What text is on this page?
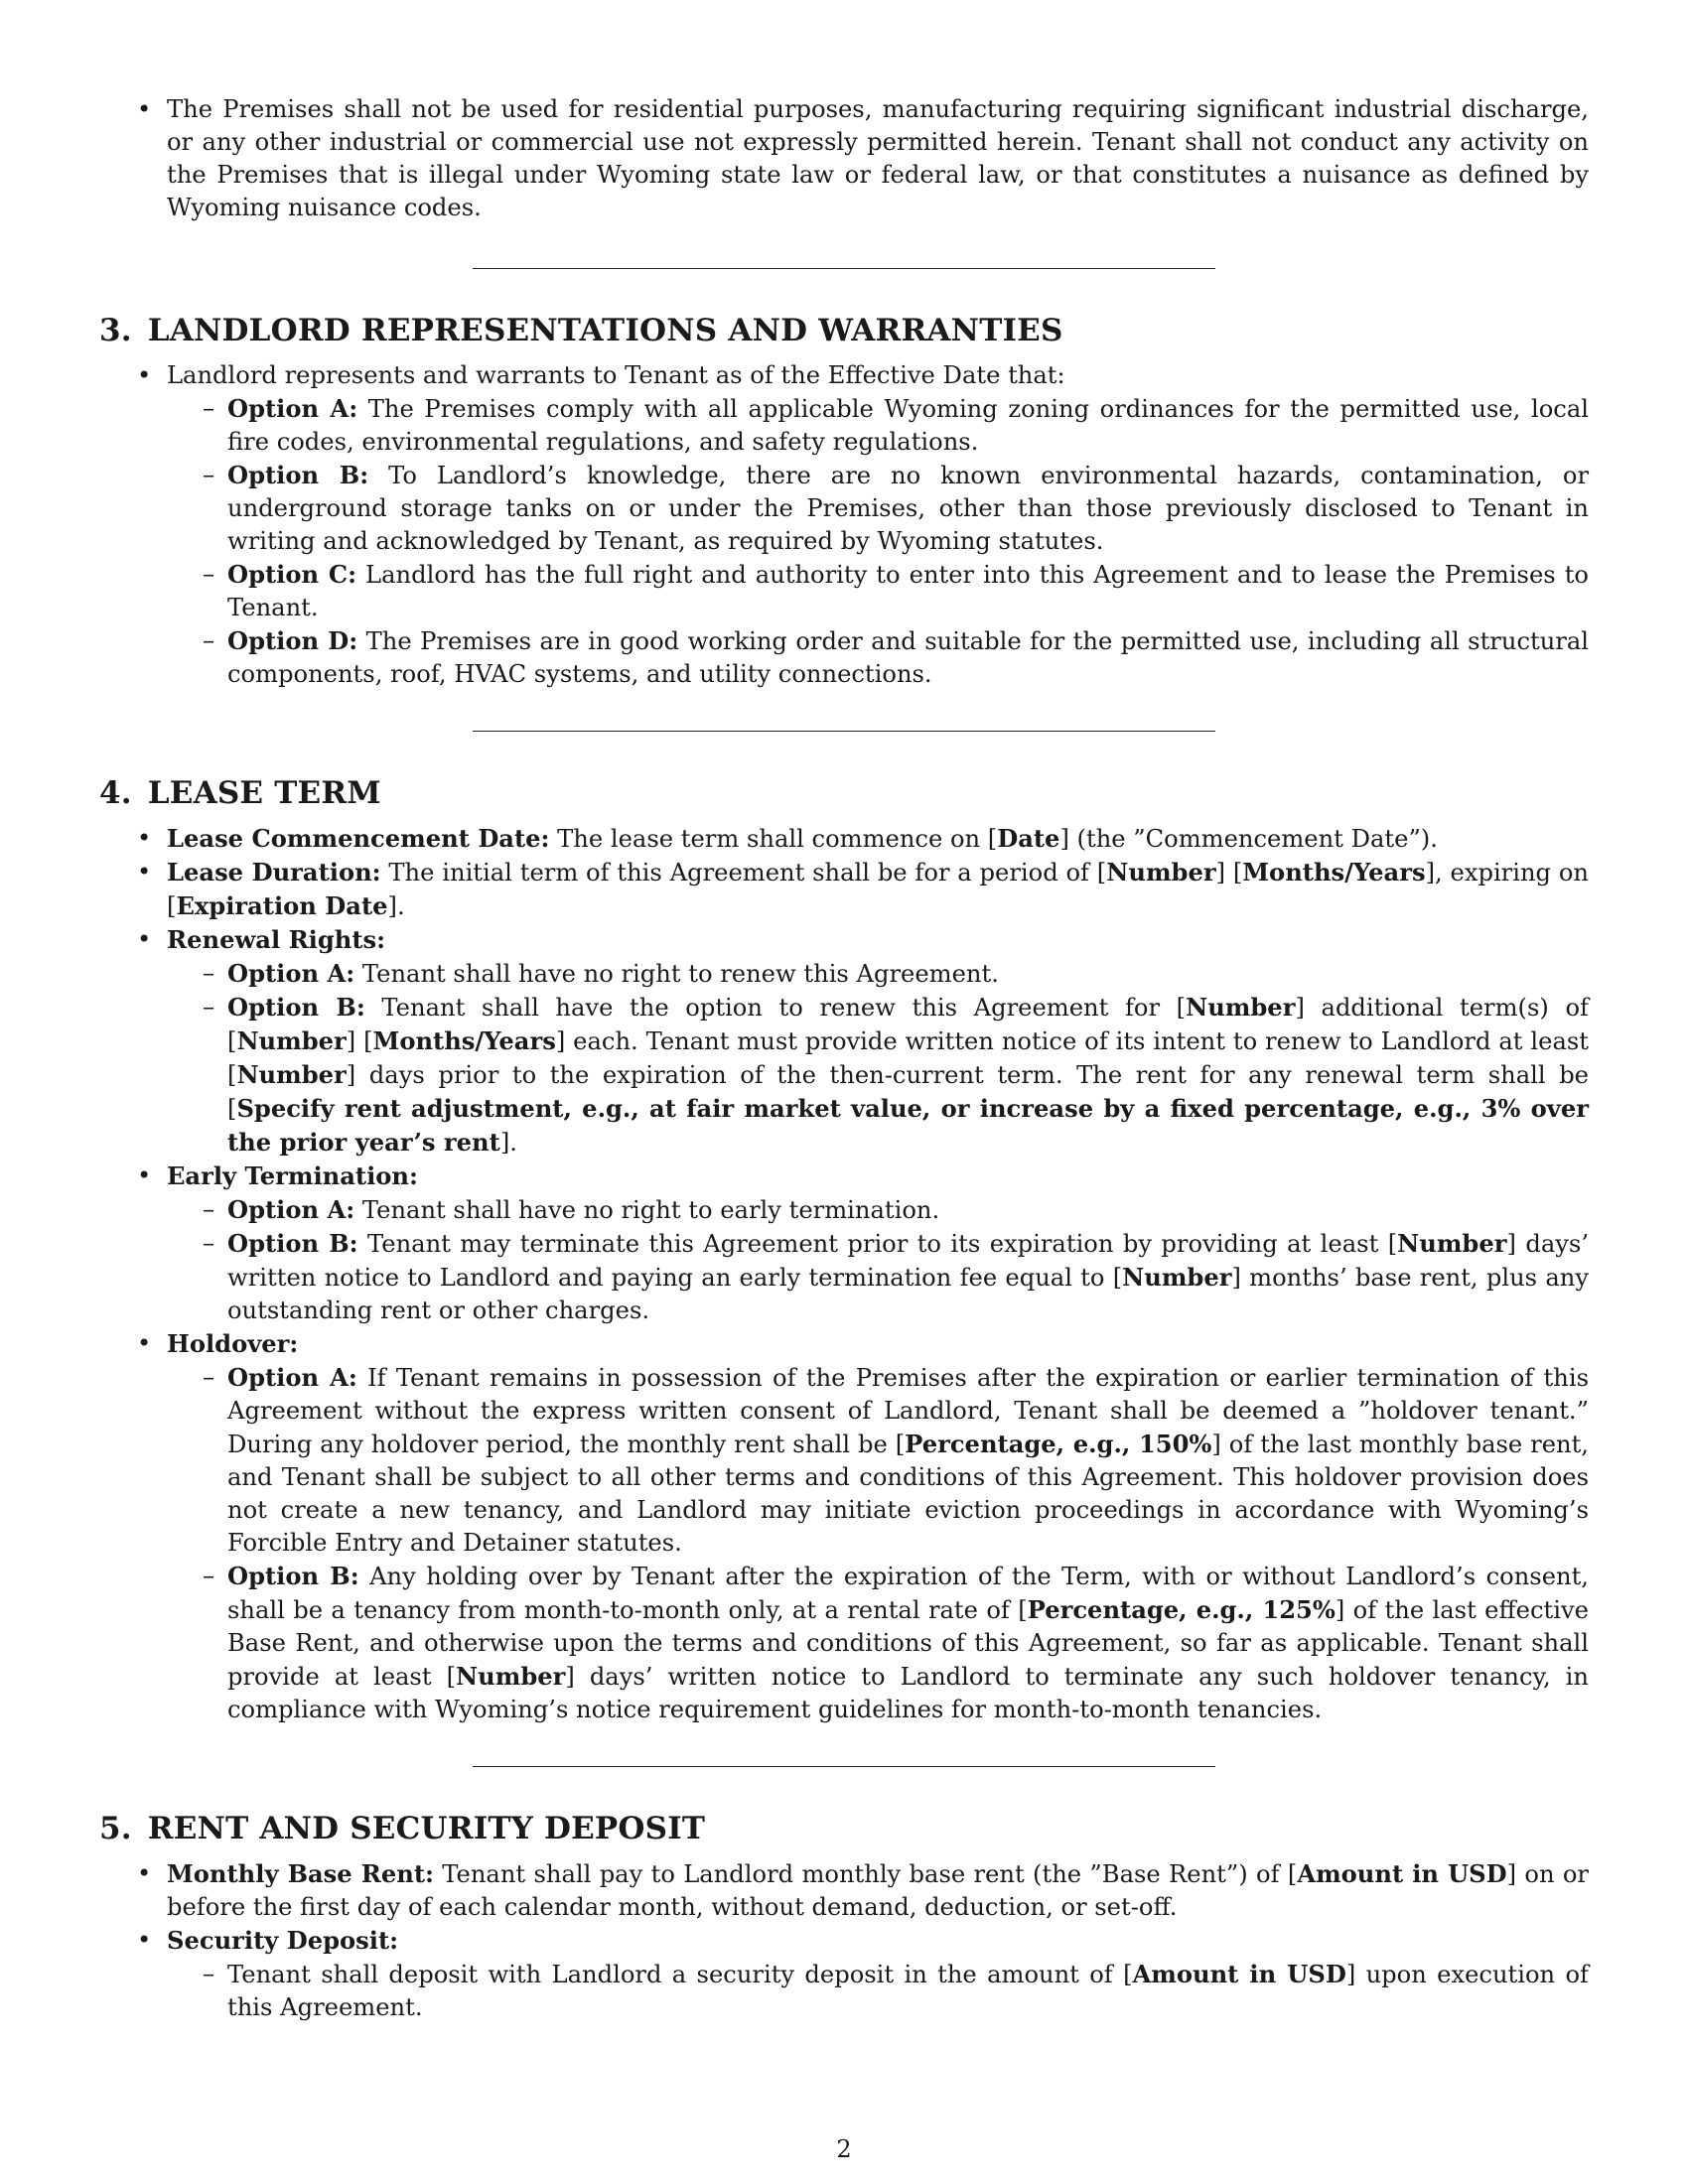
• The Premises shall not be used for residential purposes, manufacturing requiring significant industrial discharge, or any other industrial or commercial use not expressly permitted herein. Tenant shall not conduct any activity on the Premises that is illegal under Wyoming state law or federal law, or that constitutes a nuisance as defined by Wyoming nuisance codes.
3. LANDLORD REPRESENTATIONS AND WARRANTIES
• Landlord represents and warrants to Tenant as of the Effective Date that:
– Option A: The Premises comply with all applicable Wyoming zoning ordinances for the permitted use, local fire codes, environmental regulations, and safety regulations.
– Option B: To Landlord’s knowledge, there are no known environmental hazards, contamination, or underground storage tanks on or under the Premises, other than those previously disclosed to Tenant in writing and acknowledged by Tenant, as required by Wyoming statutes.
– Option C: Landlord has the full right and authority to enter into this Agreement and to lease the Premises to Tenant.
– Option D: The Premises are in good working order and suitable for the permitted use, including all structural components, roof, HVAC systems, and utility connections.
4. LEASE TERM
• Lease Commencement Date: The lease term shall commence on [Date] (the ”Commencement Date”).
• Lease Duration: The initial term of this Agreement shall be for a period of [Number] [Months/Years], expiring on [Expiration Date].
• Renewal Rights:
– Option A: Tenant shall have no right to renew this Agreement.
– Option B: Tenant shall have the option to renew this Agreement for [Number] additional term(s) of [Number] [Months/Years] each. Tenant must provide written notice of its intent to renew to Landlord at least [Number] days prior to the expiration of the then-current term. The rent for any renewal term shall be [Specify rent adjustment, e.g., at fair market value, or increase by a fixed percentage, e.g., 3% over the prior year’s rent].
• Early Termination:
– Option A: Tenant shall have no right to early termination.
– Option B: Tenant may terminate this Agreement prior to its expiration by providing at least [Number] days’ written notice to Landlord and paying an early termination fee equal to [Number] months’ base rent, plus any outstanding rent or other charges.
• Holdover:
– Option A: If Tenant remains in possession of the Premises after the expiration or earlier termination of this Agreement without the express written consent of Landlord, Tenant shall be deemed a ”holdover tenant.” During any holdover period, the monthly rent shall be [Percentage, e.g., 150%] of the last monthly base rent, and Tenant shall be subject to all other terms and conditions of this Agreement. This holdover provision does not create a new tenancy, and Landlord may initiate eviction proceedings in accordance with Wyoming’s Forcible Entry and Detainer statutes.
– Option B: Any holding over by Tenant after the expiration of the Term, with or without Landlord’s consent, shall be a tenancy from month-to-month only, at a rental rate of [Percentage, e.g., 125%] of the last effective Base Rent, and otherwise upon the terms and conditions of this Agreement, so far as applicable. Tenant shall provide at least [Number] days’ written notice to Landlord to terminate any such holdover tenancy, in compliance with Wyoming’s notice requirement guidelines for month-to-month tenancies.
5. RENT AND SECURITY DEPOSIT
• Monthly Base Rent: Tenant shall pay to Landlord monthly base rent (the ”Base Rent”) of [Amount in USD] on or before the first day of each calendar month, without demand, deduction, or set-off.
• Security Deposit:
– Tenant shall deposit with Landlord a security deposit in the amount of [Amount in USD] upon execution of this Agreement.
2
